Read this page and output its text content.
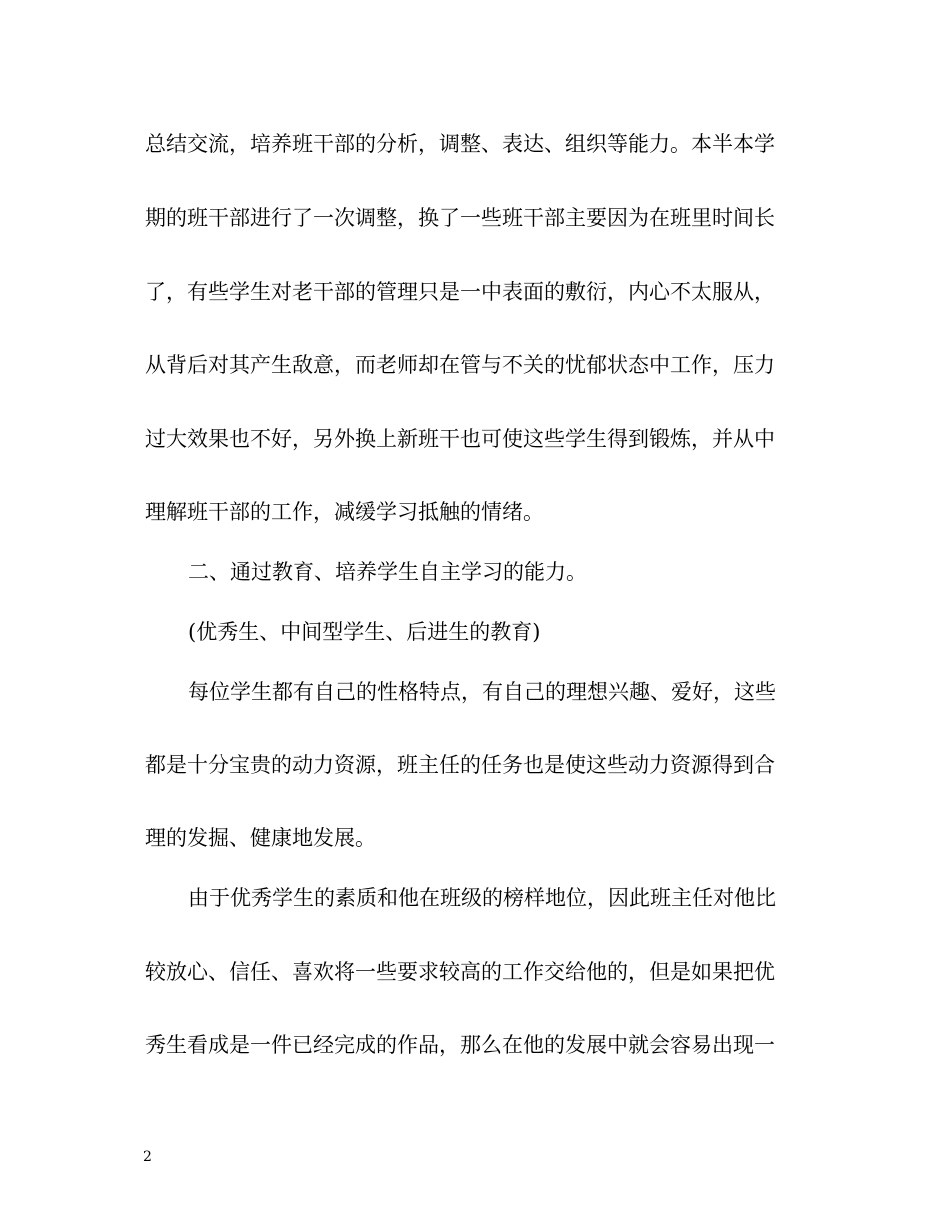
总结交流，培养班干部的分析，调整、表达、组织等能力。本半本学
期的班干部进行了一次调整，换了一些班干部主要因为在班里时间长
了，有些学生对老干部的管理只是一中表面的敷衍，内心不太服从，
从背后对其产生敌意，而老师却在管与不关的忧郁状态中工作，压力
过大效果也不好，另外换上新班干也可使这些学生得到锻炼，并从中
理解班干部的工作，减缓学习抵触的情绪。
二、通过教育、培养学生自主学习的能力。
(优秀生、中间型学生、后进生的教育)
每位学生都有自己的性格特点，有自己的理想兴趣、爱好，这些
都是十分宝贵的动力资源，班主任的任务也是使这些动力资源得到合
理的发掘、健康地发展。
由于优秀学生的素质和他在班级的榜样地位，因此班主任对他比
较放心、信任、喜欢将一些要求较高的工作交给他的，但是如果把优
秀生看成是一件已经完成的作品，那么在他的发展中就会容易出现一
2
